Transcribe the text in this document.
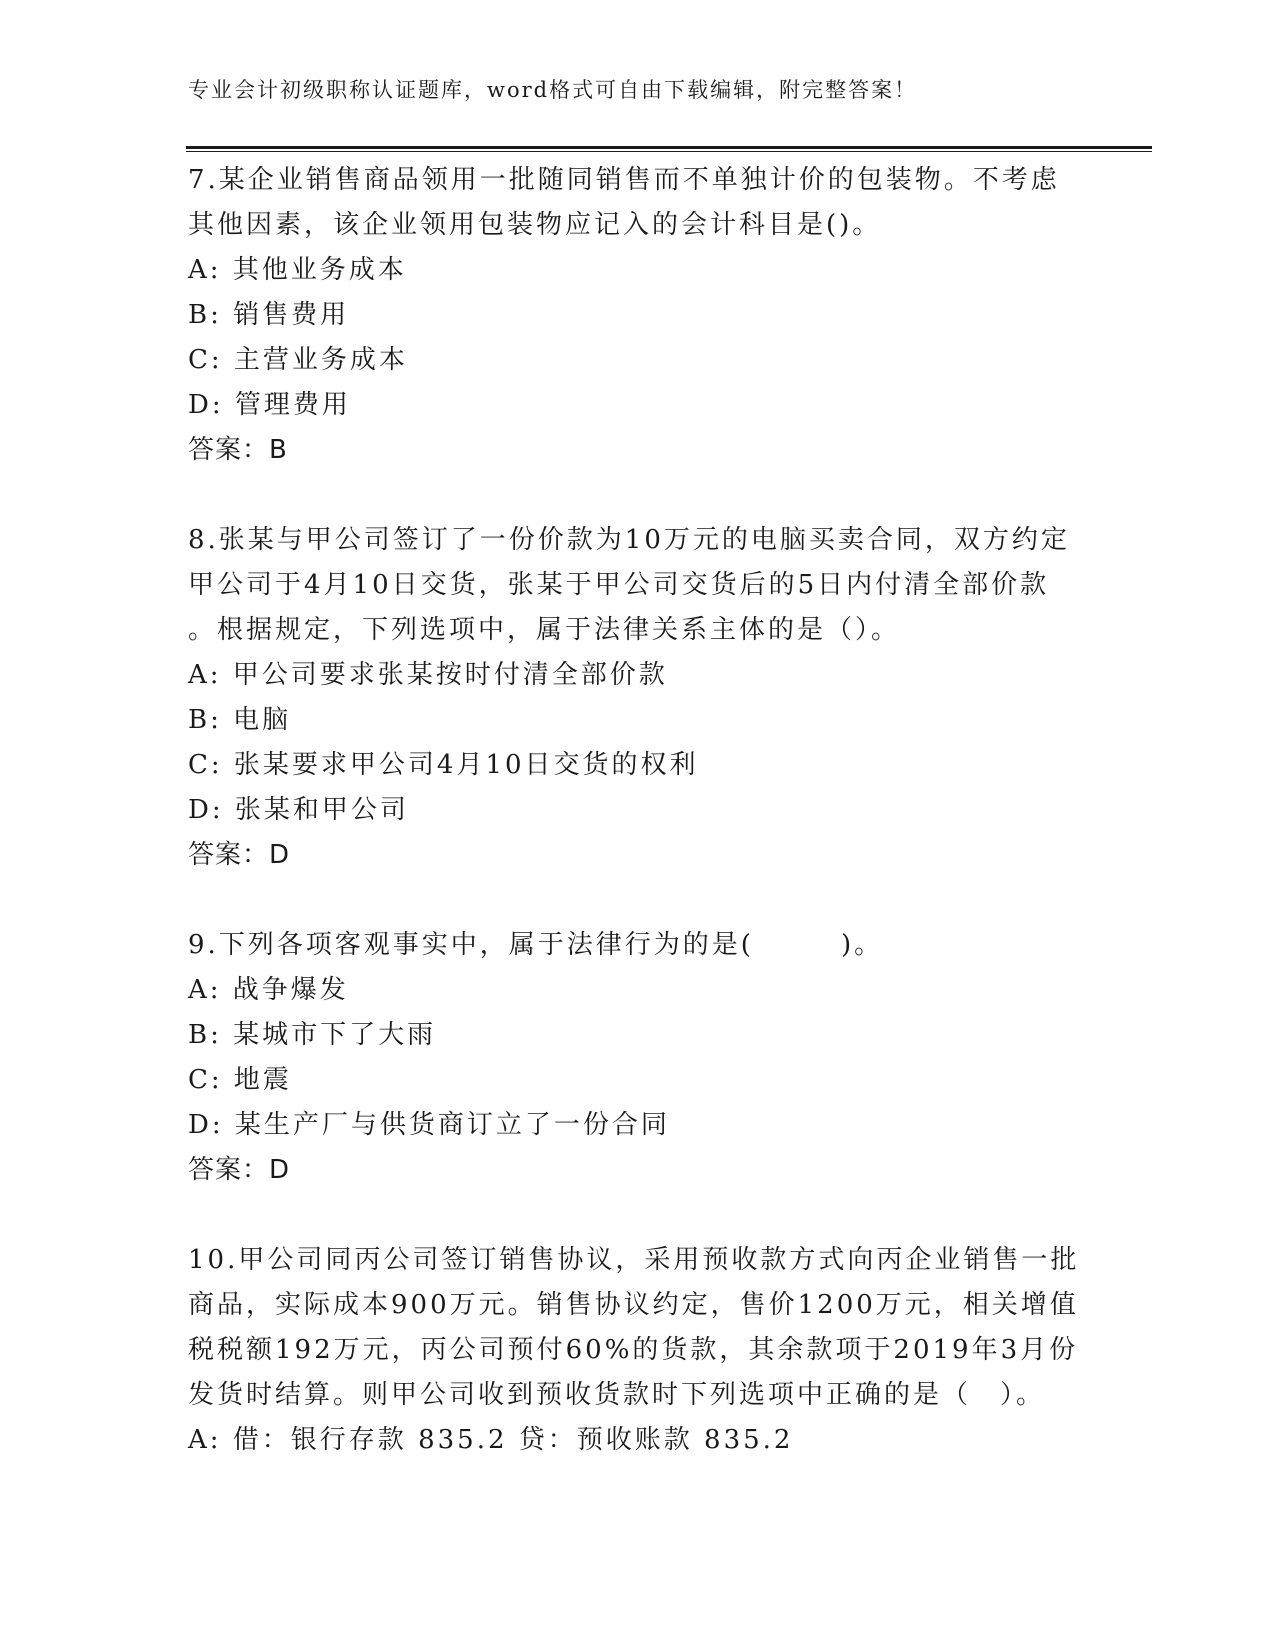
专业会计初级职称认证题库，word格式可自由下载编辑，附完整答案！
7.某企业销售商品领用一批随同销售而不单独计价的包装物。不考虑
其他因素，该企业领用包装物应记入的会计科目是()。
A: 其他业务成本
B: 销售费用
C: 主营业务成本
D: 管理费用
答案：B
8.张某与甲公司签订了一份价款为10万元的电脑买卖合同，双方约定
甲公司于4月10日交货，张某于甲公司交货后的5日内付清全部价款
。根据规定，下列选项中，属于法律关系主体的是（）。
A: 甲公司要求张某按时付清全部价款
B: 电脑
C: 张某要求甲公司4月10日交货的权利
D: 张某和甲公司
答案：D
9.下列各项客观事实中，属于法律行为的是(　　　)。
A: 战争爆发
B: 某城市下了大雨
C: 地震
D: 某生产厂与供货商订立了一份合同
答案：D
10.甲公司同丙公司签订销售协议，采用预收款方式向丙企业销售一批
商品，实际成本900万元。销售协议约定，售价1200万元，相关增值
税税额192万元，丙公司预付60%的货款，其余款项于2019年3月份
发货时结算。则甲公司收到预收货款时下列选项中正确的是（　）。
A: 借：银行存款 835.2 贷：预收账款 835.2
